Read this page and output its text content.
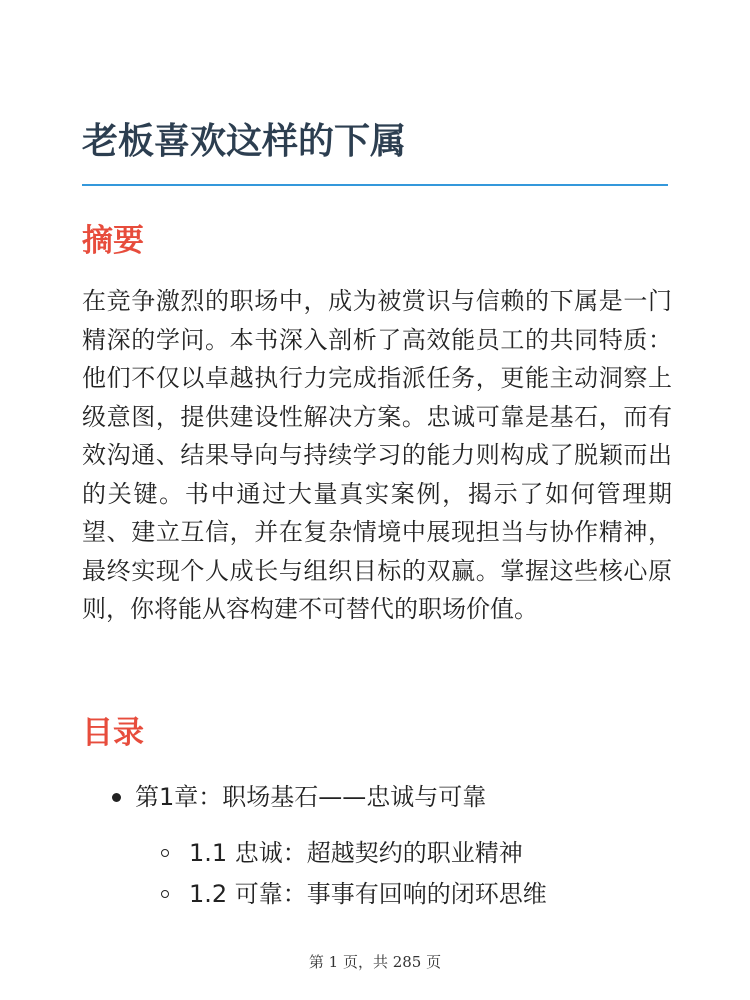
老板喜欢这样的下属
摘要

在竞争激烈的职场中，成为被赏识与信赖的下属是一门精深的学问。本书深入剖析了高效能员工的共同特质：他们不仅以卓越执行力完成指派任务，更能主动洞察上级意图，提供建设性解决方案。忠诚可靠是基石，而有效沟通、结果导向与持续学习的能力则构成了脱颖而出的关键。书中通过大量真实案例，揭示了如何管理期望、建立互信，并在复杂情境中展现担当与协作精神，最终实现个人成长与组织目标的双赢。掌握这些核心原则，你将能从容构建不可替代的职场价值。

目录
第1章：职场基石——忠诚与可靠
1.1 忠诚：超越契约的职业精神
1.2 可靠：事事有回响的闭环思维
第 1 页，共 285 页
